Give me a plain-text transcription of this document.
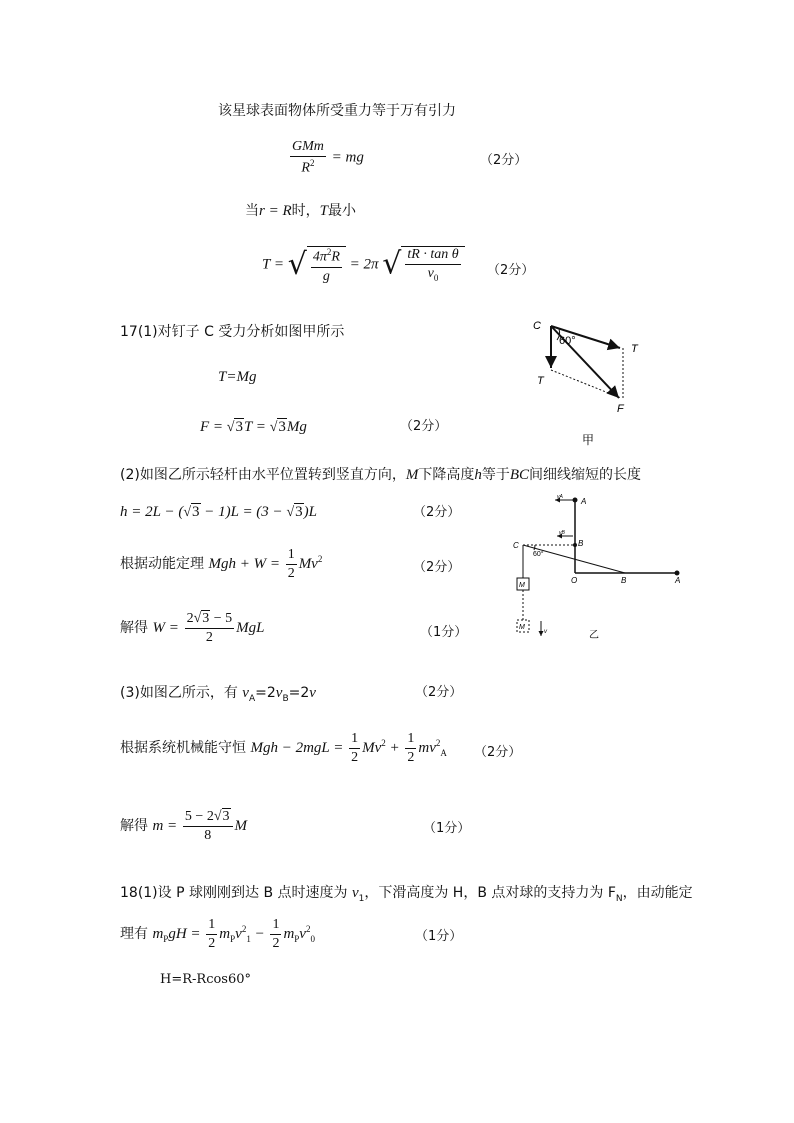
该星球表面物体所受重力等于万有引力
$\frac{\text{GMm}}{R^2}$ = mg	（2分）
当r = R时，T最小
T = √ $\frac{4\pi^2R}{g} = 2\pi$ √ $\frac{\text{tR · tan θ}}{v_0} (2$分）
17(1)对钉子 C 受力分析如图甲所示
T=Mg
F = √3T = √3Mg	（2分）
(2)如图乙所示轻杆由水平位置转到竖直方向，M下降高度h等于BC间细线缩短的长度
h = 2L − (√3 − 1)L = (3 − √3)L	（2分）
根据动能定理 Mgh + $W = \frac{1}{2} Mv^2$
（2分）
解得 $W = \frac{2√3 - 5}{2}$ MgL	（1分）
(3)如图乙所示，有 $v_A=2v_B=2v$	（2分）
根据系统机械能守恒 Mgh − $2mgL = \frac{1}{2} Mv^2 + \frac{1}{2} mv^2_A$ （2分）
解得 $m = \frac{5 - 2√3}{8}$ M	（1分）
18(1)设 P 球刚刚到达 B 点时速度为 $v_1$，下滑高度为 H，B 点对球的支持力为 $F_N$，由动能定
理有 $m_PgH = \frac{1}{2} m_Pv^2_1 - \frac{1}{2} m_Pv^2_0$	（1分）
H=R-Rcos60°
C
60°
T
T
F
甲
A
B
C
60°
O	B	A
M
M
vA
vB
v	乙
